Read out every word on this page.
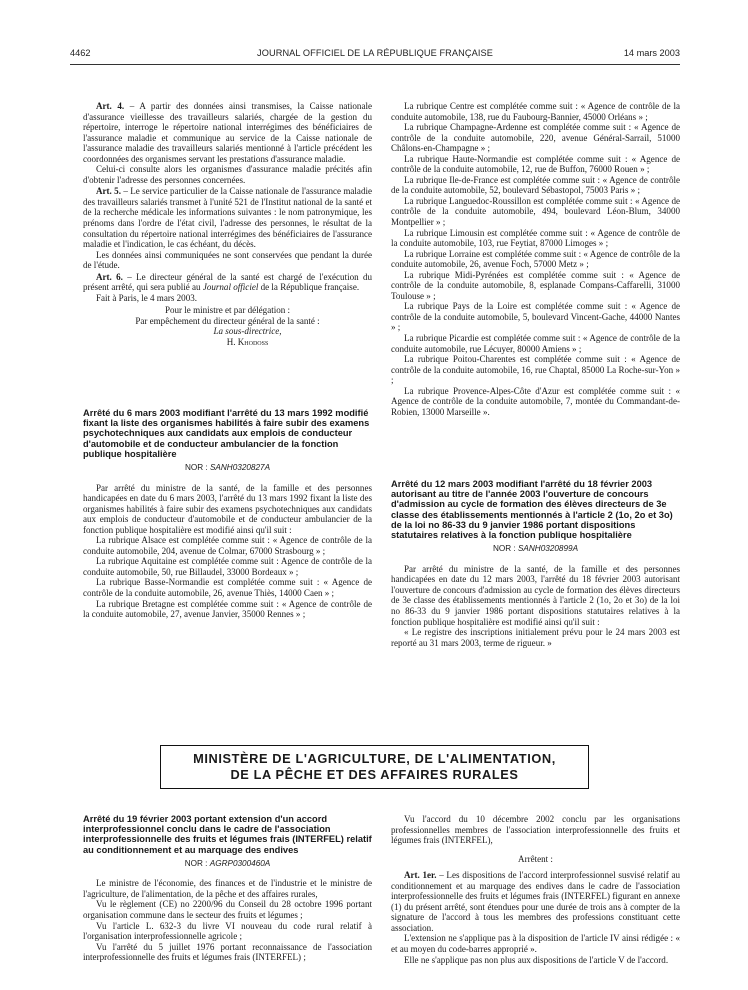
4462	JOURNAL OFFICIEL DE LA RÉPUBLIQUE FRANÇAISE	14 mars 2003

Art. 4. – A partir des données ainsi transmises, la Caisse nationale d'assurance vieillesse des travailleurs salariés, chargée de la gestion du répertoire, interroge le répertoire national interrégimes des bénéficiaires de l'assurance maladie et communique au service de la Caisse nationale de l'assurance maladie des travailleurs salariés mentionné à l'article précédent les coordonnées des organismes servant les prestations d'assurance maladie.

Celui-ci consulte alors les organismes d'assurance maladie précités afin d'obtenir l'adresse des personnes concernées.

Art. 5. – Le service particulier de la Caisse nationale de l'assurance maladie des travailleurs salariés transmet à l'unité 521 de l'Institut national de la santé et de la recherche médicale les informations suivantes : le nom patronymique, les prénoms dans l'ordre de l'état civil, l'adresse des personnes, le résultat de la consultation du répertoire national interrégimes des bénéficiaires de l'assurance maladie et l'indication, le cas échéant, du décès.

Les données ainsi communiquées ne sont conservées que pendant la durée de l'étude.

Art. 6. – Le directeur général de la santé est chargé de l'exécution du présent arrêté, qui sera publié au Journal officiel de la République française.

Fait à Paris, le 4 mars 2003.

Pour le ministre et par délégation :

Par empêchement du directeur général de la santé :

La sous-directrice,

H. Khodoss

Arrêté du 6 mars 2003 modifiant l'arrêté du 13 mars 1992 modifié fixant la liste des organismes habilités à faire subir des examens psychotechniques aux candidats aux emplois de conducteur d'automobile et de conducteur ambulancier de la fonction publique hospitalière

NOR : SANH0320827A

Par arrêté du ministre de la santé, de la famille et des personnes handicapées en date du 6 mars 2003, l'arrêté du 13 mars 1992 fixant la liste des organismes habilités à faire subir des examens psychotechniques aux candidats aux emplois de conducteur d'automobile et de conducteur ambulancier de la fonction publique hospitalière est modifié ainsi qu'il suit :

La rubrique Alsace est complétée comme suit : « Agence de contrôle de la conduite automobile, 204, avenue de Colmar, 67000 Strasbourg » ;

La rubrique Aquitaine est complétée comme suit : Agence de contrôle de la conduite automobile, 50, rue Billaudel, 33000 Bordeaux » ;

La rubrique Basse-Normandie est complétée comme suit : « Agence de contrôle de la conduite automobile, 26, avenue Thiès, 14000 Caen » ;

La rubrique Bretagne est complétée comme suit : « Agence de contrôle de la conduite automobile, 27, avenue Janvier, 35000 Rennes » ;

La rubrique Centre est complétée comme suit : « Agence de contrôle de la conduite automobile, 138, rue du Faubourg-Bannier, 45000 Orléans » ;

La rubrique Champagne-Ardenne est complétée comme suit : « Agence de contrôle de la conduite automobile, 220, avenue Général-Sarrail, 51000 Châlons-en-Champagne » ;

La rubrique Haute-Normandie est complétée comme suit : « Agence de contrôle de la conduite automobile, 12, rue de Buffon, 76000 Rouen » ;

La rubrique Ile-de-France est complétée comme suit : « Agence de contrôle de la conduite automobile, 52, boulevard Sébastopol, 75003 Paris » ;

La rubrique Languedoc-Roussillon est complétée comme suit : « Agence de contrôle de la conduite automobile, 494, boulevard Léon-Blum, 34000 Montpellier » ;

La rubrique Limousin est complétée comme suit : « Agence de contrôle de la conduite automobile, 103, rue Feytiat, 87000 Limoges » ;

La rubrique Lorraine est complétée comme suit : « Agence de contrôle de la conduite automobile, 26, avenue Foch, 57000 Metz » ;

La rubrique Midi-Pyrénées est complétée comme suit : « Agence de contrôle de la conduite automobile, 8, esplanade Compans-Caffarelli, 31000 Toulouse » ;

La rubrique Pays de la Loire est complétée comme suit : « Agence de contrôle de la conduite automobile, 5, boulevard Vincent-Gache, 44000 Nantes » ;

La rubrique Picardie est complétée comme suit : « Agence de contrôle de la conduite automobile, rue Lécuyer, 80000 Amiens » ;

La rubrique Poitou-Charentes est complétée comme suit : « Agence de contrôle de la conduite automobile, 16, rue Chaptal, 85000 La Roche-sur-Yon » ;

La rubrique Provence-Alpes-Côte d'Azur est complétée comme suit : « Agence de contrôle de la conduite automobile, 7, montée du Commandant-de-Robien, 13000 Marseille ».

Arrêté du 12 mars 2003 modifiant l'arrêté du 18 février 2003 autorisant au titre de l'année 2003 l'ouverture de concours d'admission au cycle de formation des élèves directeurs de 3e classe des établissements mentionnés à l'article 2 (1o, 2o et 3o) de la loi no 86-33 du 9 janvier 1986 portant dispositions statutaires relatives à la fonction publique hospitalière

NOR : SANH0320899A

Par arrêté du ministre de la santé, de la famille et des personnes handicapées en date du 12 mars 2003, l'arrêté du 18 février 2003 autorisant l'ouverture de concours d'admission au cycle de formation des élèves directeurs de 3e classe des établissements mentionnés à l'article 2 (1o, 2o et 3o) de la loi no 86-33 du 9 janvier 1986 portant dispositions statutaires relatives à la fonction publique hospitalière est modifié ainsi qu'il suit :

« Le registre des inscriptions initialement prévu pour le 24 mars 2003 est reporté au 31 mars 2003, terme de rigueur. »

MINISTÈRE DE L'AGRICULTURE, DE L'ALIMENTATION,
DE LA PÊCHE ET DES AFFAIRES RURALES

Arrêté du 19 février 2003 portant extension d'un accord interprofessionnel conclu dans le cadre de l'association interprofessionnelle des fruits et légumes frais (INTERFEL) relatif au conditionnement et au marquage des endives

NOR : AGRP0300460A

Le ministre de l'économie, des finances et de l'industrie et le ministre de l'agriculture, de l'alimentation, de la pêche et des affaires rurales,

Vu le règlement (CE) no 2200/96 du Conseil du 28 octobre 1996 portant organisation commune dans le secteur des fruits et légumes ;

Vu l'article L. 632-3 du livre VI nouveau du code rural relatif à l'organisation interprofessionnelle agricole ;

Vu l'arrêté du 5 juillet 1976 portant reconnaissance de l'association interprofessionnelle des fruits et légumes frais (INTERFEL) ;

Vu l'accord du 10 décembre 2002 conclu par les organisations professionnelles membres de l'association interprofessionnelle des fruits et légumes frais (INTERFEL),

Arrêtent :

Art. 1er. – Les dispositions de l'accord interprofessionnel susvisé relatif au conditionnement et au marquage des endives dans le cadre de l'association interprofessionnelle des fruits et légumes frais (INTERFEL) figurant en annexe (1) du présent arrêté, sont étendues pour une durée de trois ans à compter de la signature de l'accord à tous les membres des professions constituant cette association.

L'extension ne s'applique pas à la disposition de l'article IV ainsi rédigée : « et au moyen du code-barres approprié ».

Elle ne s'applique pas non plus aux dispositions de l'article V de l'accord.
